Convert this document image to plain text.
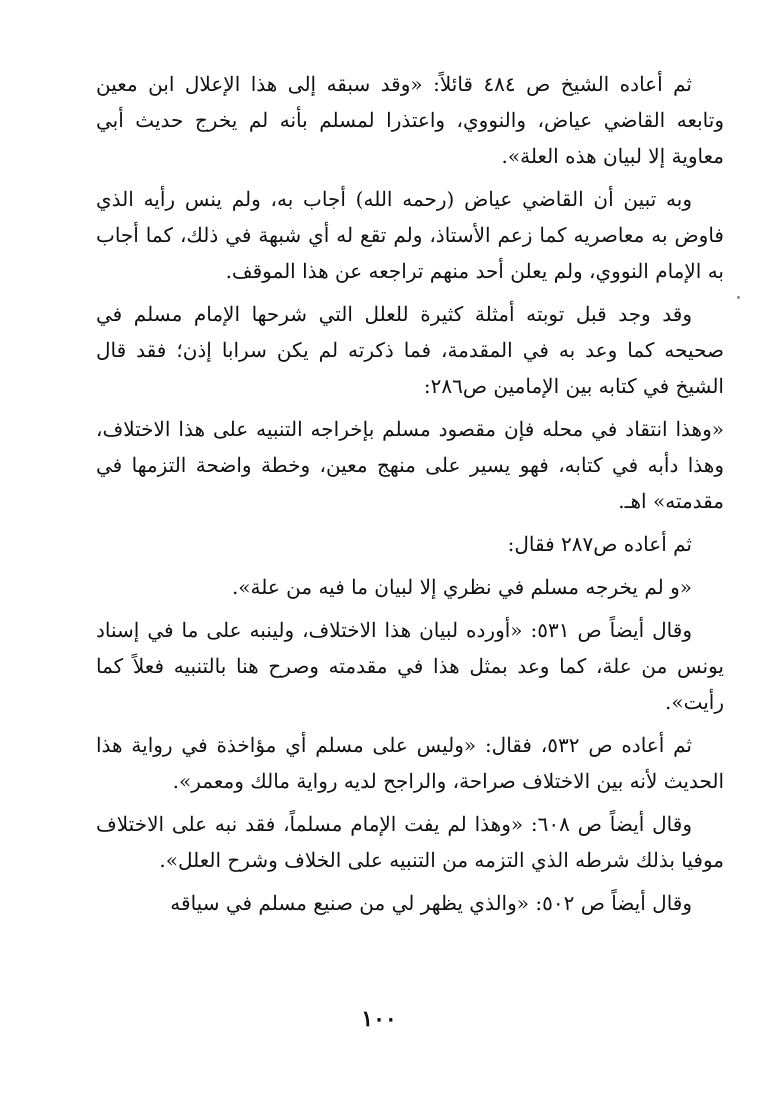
ثم أعاده الشيخ ص ٤٨٤ قائلاً: «وقد سبقه إلى هذا الإعلال ابن معين وتابعه القاضي عياض، والنووي، واعتذرا لمسلم بأنه لم يخرج حديث أبي معاوية إلا لبيان هذه العلة».

وبه تبين أن القاضي عياض (رحمه الله) أجاب به، ولم ينس رأيه الذي فاوض به معاصريه كما زعم الأستاذ، ولم تقع له أي شبهة في ذلك، كما أجاب به الإمام النووي، ولم يعلن أحد منهم تراجعه عن هذا الموقف.

وقد وجد قبل توبته أمثلة كثيرة للعلل التي شرحها الإمام مسلم في صحيحه كما وعد به في المقدمة، فما ذكرته لم يكن سرابا إذن؛ فقد قال الشيخ في كتابه بين الإمامين ص٢٨٦:

«وهذا انتقاد في محله فإن مقصود مسلم بإخراجه التنبيه على هذا الاختلاف، وهذا دأبه في كتابه، فهو يسير على منهج معين، وخطة واضحة التزمها في مقدمته» اهـ.

ثم أعاده ص٢٨٧ فقال:

«و لم يخرجه مسلم في نظري إلا لبيان ما فيه من علة».

وقال أيضاً ص ٥٣١: «أورده لبيان هذا الاختلاف، ولينبه على ما في إسناد يونس من علة، كما وعد بمثل هذا في مقدمته وصرح هنا بالتنبيه فعلاً كما رأيت».

ثم أعاده ص ٥٣٢، فقال: «وليس على مسلم أي مؤاخذة في رواية هذا الحديث لأنه بين الاختلاف صراحة، والراجح لديه رواية مالك ومعمر».

وقال أيضاً ص ٦٠٨: «وهذا لم يفت الإمام مسلماً، فقد نبه على الاختلاف موفيا بذلك شرطه الذي التزمه من التنبيه على الخلاف وشرح العلل».

وقال أيضاً ص ٥٠٢: «والذي يظهر لي من صنيع مسلم في سياقه

١٠٠
